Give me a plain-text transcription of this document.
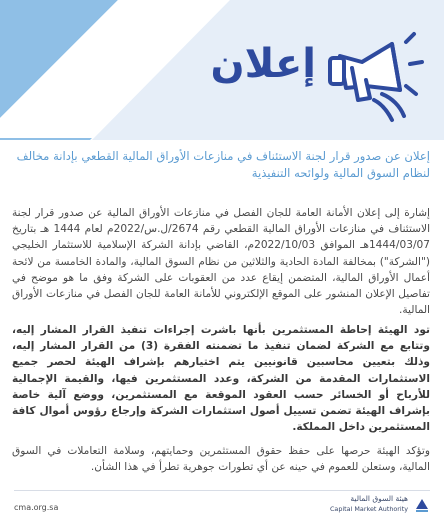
إعلان

إعلان عن صدور قرار لجنة الاستئناف في منازعات الأوراق المالية القطعي بإدانة مخالف لنظام السوق المالية ولوائحه التنفيذية

إشارة إلى إعلان الأمانة العامة للجان الفصل في منازعات الأوراق المالية عن صدور قرار لجنة الاستئناف في منازعات الأوراق المالية القطعي رقم 2674/ل.س/2022م لعام 1444 هـ بتاريخ 1444/03/07هـ الموافق 2022/10/03م، القاضي بإدانة الشركة الإسلامية للاستثمار الخليجي ("الشركة") بمخالفة المادة الحادية والثلاثين من نظام السوق المالية، والمادة الخامسة من لائحة أعمال الأوراق المالية، المتضمن إيقاع عدد من العقوبات على الشركة وفق ما هو موضح في تفاصيل الإعلان المنشور على الموقع الإلكتروني للأمانة العامة للجان الفصل في منازعات الأوراق المالية.

تود الهيئة إحاطة المستثمرين بأنها باشرت إجراءات تنفيذ القرار المشار إليه، وتتابع مع الشركة لضمان تنفيذ ما تضمنته الفقرة (3) من القرار المشار إليه، وذلك بتعيين محاسبين قانونيين يتم اختيارهم بإشراف الهيئة لحصر جميع الاستثمارات المقدمة من الشركة، وعدد المستثمرين فيها، والقيمة الإجمالية للأرباح أو الخسائر حسب العقود الموقعة مع المستثمرين، ووضع آلية خاصة بإشراف الهيئة تضمن تسييل أصول استثمارات الشركة وإرجاع رؤوس أموال كافة المستثمرين داخل المملكة.

وتؤكد الهيئة حرصها على حفظ حقوق المستثمرين وحمايتهم، وسلامة التعاملات في السوق المالية، وستعلن للعموم في حينه عن أي تطورات جوهرية تطرأ في هذا الشأن.

cma.org.sa
هيئة السوق المالية
Capital Market Authority
